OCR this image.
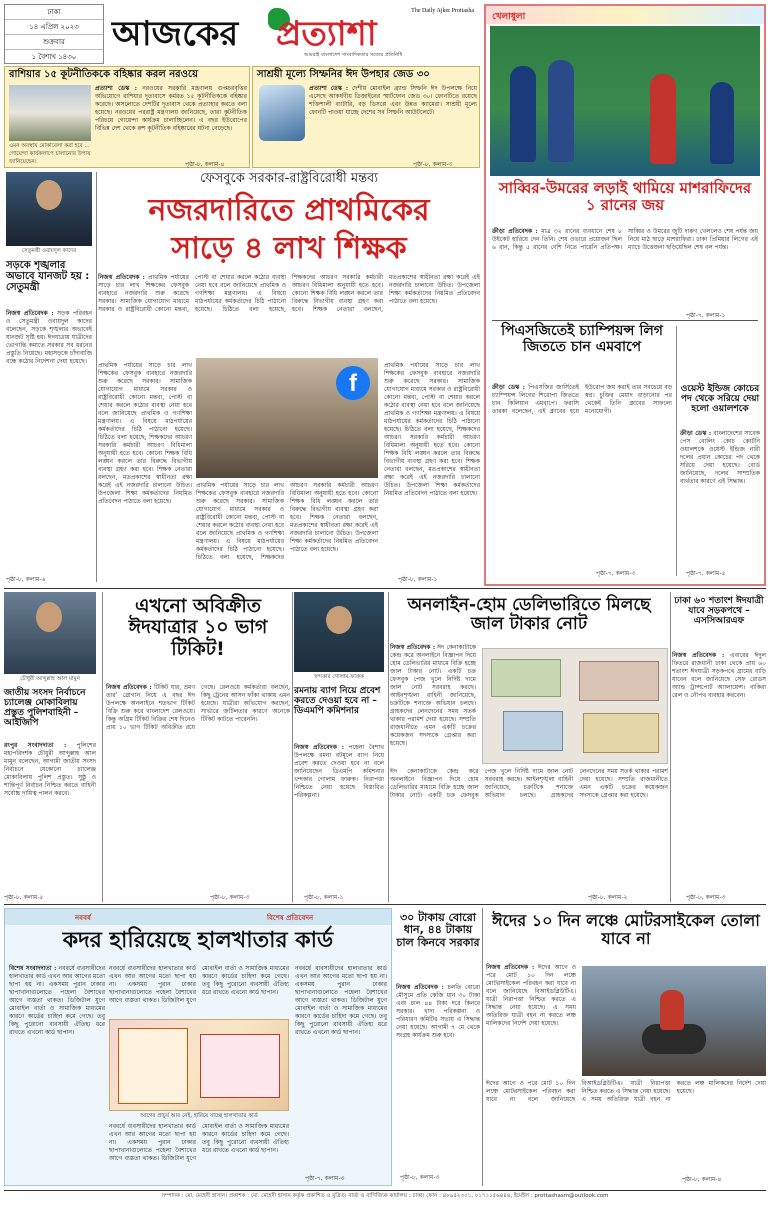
ঢাকা
১৪ এপ্রিল ২০২৩
শুক্রবার
১ বৈশাখ ১৪৩০
আজকের প্রত্যাশা
The Daily Ajker Prottasha
আমরাই বাংলাদেশ সাংবাদিকতার সত্যের প্রতিনিধি
রাশিয়ার ১৫ কূটনীতিককে বহিষ্কার করল নরওয়ে
প্রত্যাশা ডেস্ক : নরওয়ের সরকারি মন্ত্রণালয় গুপ্তচরবৃত্তির অভিযোগে রাশিয়ার দূতাবাসে কর্মরত ১৫ কূটনীতিককে বহিষ্কার করেছে। অসলোতে দেশটির দূতাবাস থেকে প্রত্যাহার করতে বলা হয়েছে। নরওয়ের পররাষ্ট্র মন্ত্রণালয় জানিয়েছে, তারা কূটনীতিক পরিচয়ে গোয়েন্দা কার্যক্রম চালাচ্ছিলেন। এ বছর ইউরোপের বিভিন্ন দেশ থেকে রুশ কূটনীতিক বহিষ্কারের ঘটনা বেড়েছে।
এমন অবস্থায় মোকাবেলা করা হবে ... গোয়েন্দা কার্যকলাপে চালানোর উপায় জানিয়েছেন।	পৃষ্ঠা-৮, কলাম-৪
সাশ্রয়ী মূল্যে সিম্ফনির ঈদ উপহার জেড ৩০
প্রত্যাশা ডেস্ক : দেশীয় মোবাইল ব্র্যান্ড সিম্ফনি ঈদ উপলক্ষে নিয়ে এসেছে আকর্ষণীয় ডিজাইনের স্মার্টফোন জেড ৩০। ফোনটিতে রয়েছে শক্তিশালী ব্যাটারি, বড় ডিসপ্লে এবং উন্নত ক্যামেরা। সাশ্রয়ী মূল্যে ফোনটি পাওয়া যাচ্ছে দেশের সব সিম্ফনি আউটলেটে।
পৃষ্ঠা-৮, কলাম-৩
খেলাধুলা
সাব্বির-উমরের লড়াই থামিয়ে মাশরাফিদের ১ রানের জয়
ক্রীড়া প্রতিবেদক : মাত্র ৩২ রানের ব্যবধানে শেষ ৮ উইকেট হারিয়ে দেন তিনি। শেষ ওভারে প্রয়োজন ছিল ৬ রান, কিন্তু ৫ রানের বেশি নিতে পারেনি প্রতিপক্ষ। সাব্বির ও উমরের জুটি দারুণ খেললেও শেষ পর্যন্ত জয় নিয়ে মাঠ ছাড়ে মাশরাফিরা। ঢাকা প্রিমিয়ার লিগের এই ম্যাচে উত্তেজনা ছড়িয়েছিল শেষ বল পর্যন্ত।
পৃষ্ঠা-৭, কলাম-১
পিএসজিতেই চ্যাম্পিয়ন্স লিগ জিততে চান এমবাপে
ক্রীড়া ডেস্ক : পিএসজির জার্সিতেই চ্যাম্পিয়ন্স লিগের শিরোপা জিততে চান কিলিয়ান এমবাপে। ফরাসি তারকা বলেছেন, এই ক্লাবের হয়ে ইউরোপ জয় করাই তার সবচেয়ে বড় স্বপ্ন। চুক্তির মেয়াদ বাড়ানোর পর থেকেই তিনি ক্লাবের সাফল্যে মনোযোগী।
পৃষ্ঠা-৭, কলাম-৩
ওয়েস্ট ইন্ডিজ কোচের পদ থেকে সরিয়ে দেয়া হলো ওয়ালশকে
ক্রীড়া ডেস্ক : বাংলাদেশের সাবেক পেস বোলিং কোচ কোর্টনি ওয়ালশকে ওয়েস্ট ইন্ডিজ নারী দলের প্রধান কোচের পদ থেকে সরিয়ে দেয়া হয়েছে। বোর্ড জানিয়েছে, দলের সাম্প্রতিক ব্যর্থতার কারণে এই সিদ্ধান্ত।
পৃষ্ঠা-৭, কলাম-৫
সেতুমন্ত্রী ওবায়দুল কাদের
সড়কে শৃঙ্খলার অভাবে যানজট হয় : সেতুমন্ত্রী
নিজস্ব প্রতিবেদক : সড়ক পরিবহন ও সেতুমন্ত্রী ওবায়দুল কাদের বলেছেন, সড়কে শৃঙ্খলার অভাবেই যানজট সৃষ্টি হয়। ঈদযাত্রায় যাত্রীদের ভোগান্তি কমাতে সরকার সব ধরনের প্রস্তুতি নিয়েছে। মহাসড়কে চাঁদাবাজি বন্ধে কঠোর নির্দেশনা দেয়া হয়েছে।
পৃষ্ঠা-৮, কলাম-৬
ফেসবুকে সরকার-রাষ্ট্রবিরোধী মন্তব্য
নজরদারিতে প্রাথমিকের
সাড়ে ৪ লাখ শিক্ষক
নিজস্ব প্রতিবেদক : প্রাথমিক পর্যায়ের সাড়ে চার লাখ শিক্ষকের ফেসবুক ব্যবহারে নজরদারি শুরু করেছে সরকার। সামাজিক যোগাযোগ মাধ্যমে সরকার ও রাষ্ট্রবিরোধী কোনো মন্তব্য, পোস্ট বা শেয়ার করলে কঠোর ব্যবস্থা নেয়া হবে বলে জানিয়েছে প্রাথমিক ও গণশিক্ষা মন্ত্রণালয়। এ বিষয়ে মাঠপর্যায়ের কর্মকর্তাদের চিঠি পাঠানো হয়েছে। চিঠিতে বলা হয়েছে, শিক্ষকদের আচরণ সরকারি কর্মচারী আচরণ বিধিমালা অনুযায়ী হতে হবে। কোনো শিক্ষক বিধি লঙ্ঘন করলে তার বিরুদ্ধে বিভাগীয় ব্যবস্থা গ্রহণ করা হবে। শিক্ষক নেতারা বলছেন, মতপ্রকাশের স্বাধীনতা রক্ষা করেই এই নজরদারি চালানো উচিত। উপজেলা শিক্ষা কর্মকর্তাদের নিয়মিত প্রতিবেদন পাঠাতে বলা হয়েছে।
f
প্রাথমিক পর্যায়ের সাড়ে চার লাখ শিক্ষকের ফেসবুক ব্যবহারে নজরদারি শুরু করেছে সরকার। সামাজিক যোগাযোগ মাধ্যমে সরকার ও রাষ্ট্রবিরোধী কোনো মন্তব্য, পোস্ট বা শেয়ার করলে কঠোর ব্যবস্থা নেয়া হবে বলে জানিয়েছে প্রাথমিক ও গণশিক্ষা মন্ত্রণালয়। এ বিষয়ে মাঠপর্যায়ের কর্মকর্তাদের চিঠি পাঠানো হয়েছে। চিঠিতে বলা হয়েছে, শিক্ষকদের আচরণ সরকারি কর্মচারী আচরণ বিধিমালা অনুযায়ী হতে হবে। কোনো শিক্ষক বিধি লঙ্ঘন করলে তার বিরুদ্ধে বিভাগীয় ব্যবস্থা গ্রহণ করা হবে। শিক্ষক নেতারা বলছেন, মতপ্রকাশের স্বাধীনতা রক্ষা করেই এই নজরদারি চালানো উচিত। উপজেলা শিক্ষা কর্মকর্তাদের নিয়মিত প্রতিবেদন পাঠাতে বলা হয়েছে।
প্রাথমিক পর্যায়ের সাড়ে চার লাখ শিক্ষকের ফেসবুক ব্যবহারে নজরদারি শুরু করেছে সরকার। সামাজিক যোগাযোগ মাধ্যমে সরকার ও রাষ্ট্রবিরোধী কোনো মন্তব্য, পোস্ট বা শেয়ার করলে কঠোর ব্যবস্থা নেয়া হবে বলে জানিয়েছে প্রাথমিক ও গণশিক্ষা মন্ত্রণালয়। এ বিষয়ে মাঠপর্যায়ের কর্মকর্তাদের চিঠি পাঠানো হয়েছে। চিঠিতে বলা হয়েছে, শিক্ষকদের আচরণ সরকারি কর্মচারী আচরণ বিধিমালা অনুযায়ী হতে হবে। কোনো শিক্ষক বিধি লঙ্ঘন করলে তার বিরুদ্ধে বিভাগীয় ব্যবস্থা গ্রহণ করা হবে। শিক্ষক নেতারা বলছেন, মতপ্রকাশের স্বাধীনতা রক্ষা করেই এই নজরদারি চালানো উচিত। উপজেলা শিক্ষা কর্মকর্তাদের নিয়মিত প্রতিবেদন পাঠাতে বলা হয়েছে।
প্রাথমিক পর্যায়ের সাড়ে চার লাখ শিক্ষকের ফেসবুক ব্যবহারে নজরদারি শুরু করেছে সরকার। সামাজিক যোগাযোগ মাধ্যমে সরকার ও রাষ্ট্রবিরোধী কোনো মন্তব্য, পোস্ট বা শেয়ার করলে কঠোর ব্যবস্থা নেয়া হবে বলে জানিয়েছে প্রাথমিক ও গণশিক্ষা মন্ত্রণালয়। এ বিষয়ে মাঠপর্যায়ের কর্মকর্তাদের চিঠি পাঠানো হয়েছে। চিঠিতে বলা হয়েছে, শিক্ষকদের আচরণ সরকারি কর্মচারী আচরণ বিধিমালা অনুযায়ী হতে হবে। কোনো শিক্ষক বিধি লঙ্ঘন করলে তার বিরুদ্ধে বিভাগীয় ব্যবস্থা গ্রহণ করা হবে। শিক্ষক নেতারা বলছেন, মতপ্রকাশের স্বাধীনতা রক্ষা করেই এই নজরদারি চালানো উচিত। উপজেলা শিক্ষা কর্মকর্তাদের নিয়মিত প্রতিবেদন পাঠাতে বলা হয়েছে।
পৃষ্ঠা-৮, কলাম-১
চৌধুরী আব্দুল্লাহ আল মামুন
জাতীয় সংসদ নির্বাচনে চ্যালেঞ্জ মোকাবিলায় প্রস্তুত পুলিশবাহিনী –আইজিপি
রংপুর সংবাদদাতা : পুলিশের মহাপরিদর্শক চৌধুরী আব্দুল্লাহ আল মামুন বলেছেন, আগামী জাতীয় সংসদ নির্বাচনে যেকোনো চ্যালেঞ্জ মোকাবিলায় পুলিশ প্রস্তুত। সুষ্ঠু ও শান্তিপূর্ণ নির্বাচন নিশ্চিত করতে বাহিনী সর্বোচ্চ দায়িত্ব পালন করবে।
পৃষ্ঠা-৮, কলাম-৫
এখনো অবিক্রীত ঈদযাত্রার ১০ ভাগ টিকিট!
নিজস্ব প্রতিবেদক : টিকিট যার, ভ্রমণ তার' স্লোগান নিয়ে এ বছর ঈদ উপলক্ষে অনলাইনে শতভাগ টিকিট বিক্রি শুরু করে বাংলাদেশ রেলওয়ে। কিন্তু অগ্রিম টিকিট বিক্রির শেষ দিনেও প্রায় ১০ ভাগ টিকিট অবিক্রীত রয়ে গেছে। রেলওয়ে কর্মকর্তারা বলছেন, কিছু ট্রেনের আসন ফাঁকা থাকায় এমন হয়েছে। যাত্রীরা অভিযোগ করছেন, সার্ভারে জটিলতার কারণে অনেকে টিকিট কাটতে পারেননি।
পৃষ্ঠা-৮, কলাম-৩
খন্দকার গোলাম ফারুক
রমনায় ব্যাগ নিয়ে প্রবেশ করতে দেওয়া হবে না –ডিএমপি কমিশনার
নিজস্ব প্রতিবেদক : পহেলা বৈশাখ উপলক্ষে রমনা বটমূলে ব্যাগ নিয়ে প্রবেশ করতে দেওয়া হবে না বলে জানিয়েছেন ডিএমপি কমিশনার খন্দকার গোলাম ফারুক। নিরাপত্তা নিশ্চিতে নেয়া হয়েছে বিস্তারিত পরিকল্পনা।
পৃষ্ঠা-৮, কলাম-১
অনলাইন-হোম ডেলিভারিতে মিলছে জাল টাকার নোট
নিজস্ব প্রতিবেদক : ঈদ কেনাকাটাকে কেন্দ্র করে অনলাইনে বিজ্ঞাপন দিয়ে হোম ডেলিভারির মাধ্যমে বিক্রি হচ্ছে জাল টাকার নোট। একটি চক্র ফেসবুক পেজ খুলে নির্দিষ্ট দামে জাল নোট সরবরাহ করছে। আইনশৃঙ্খলা বাহিনী জানিয়েছে, চক্রটিকে শনাক্তে অভিযান চলছে। গ্রাহকদের লেনদেনের সময় সতর্ক থাকার পরামর্শ দেয়া হয়েছে। সম্প্রতি রাজধানীতে এমন একটি চক্রের কয়েকজন সদস্যকে গ্রেপ্তার করা হয়েছে।
ঈদ কেনাকাটাকে কেন্দ্র করে অনলাইনে বিজ্ঞাপন দিয়ে হোম ডেলিভারির মাধ্যমে বিক্রি হচ্ছে জাল টাকার নোট। একটি চক্র ফেসবুক পেজ খুলে নির্দিষ্ট দামে জাল নোট সরবরাহ করছে। আইনশৃঙ্খলা বাহিনী জানিয়েছে, চক্রটিকে শনাক্তে অভিযান চলছে। গ্রাহকদের লেনদেনের সময় সতর্ক থাকার পরামর্শ দেয়া হয়েছে। সম্প্রতি রাজধানীতে এমন একটি চক্রের কয়েকজন সদস্যকে গ্রেপ্তার করা হয়েছে।
পৃষ্ঠা-৮, কলাম-২
ঢাকা ৬০ শতাংশ ঈদযাত্রী যাবে সড়কপথে –এসসিআরএফ
নিজস্ব প্রতিবেদক : এবারের ঈদুল ফিতরে রাজধানী ঢাকা থেকে প্রায় ৬০ শতাংশ ঈদযাত্রী সড়কপথে গ্রামের বাড়ি যাবেন বলে জানিয়েছে সেফ রোডস অ্যান্ড ট্রান্সপোর্ট অ্যালায়েন্স। বাকিরা রেল ও নৌপথ ব্যবহার করবেন।
পৃষ্ঠা-৮, কলাম-৩
নববর্ষ	বিশেষ প্রতিবেদন
কদর হারিয়েছে হালখাতার কার্ড
বিশেষ সংবাদদাতা : নববর্ষে ব্যবসায়ীদের হালখাতার কার্ড এখন আর আগের মতো ছাপা হয় না। একসময় পুরান ঢাকার ছাপাখানাগুলোতে পহেলা বৈশাখের আগে ব্যস্ততা থাকত। ডিজিটাল যুগে মোবাইল বার্তা ও সামাজিক মাধ্যমের কারণে কার্ডের চাহিদা কমে গেছে। তবু কিছু পুরোনো ব্যবসায়ী ঐতিহ্য ধরে রাখতে এখনো কার্ড ছাপান।
নববর্ষে ব্যবসায়ীদের হালখাতার কার্ড এখন আর আগের মতো ছাপা হয় না। একসময় পুরান ঢাকার ছাপাখানাগুলোতে পহেলা বৈশাখের আগে ব্যস্ততা থাকত। ডিজিটাল যুগে মোবাইল বার্তা ও সামাজিক মাধ্যমের কারণে কার্ডের চাহিদা কমে গেছে। তবু কিছু পুরোনো ব্যবসায়ী ঐতিহ্য ধরে রাখতে এখনো কার্ড ছাপান।
আগের প্রাচুর্য আর নেই, হারিয়ে যাচ্ছে হালখাতার কার্ড
নববর্ষে ব্যবসায়ীদের হালখাতার কার্ড এখন আর আগের মতো ছাপা হয় না। একসময় পুরান ঢাকার ছাপাখানাগুলোতে পহেলা বৈশাখের আগে ব্যস্ততা থাকত। ডিজিটাল যুগে মোবাইল বার্তা ও সামাজিক মাধ্যমের কারণে কার্ডের চাহিদা কমে গেছে। তবু কিছু পুরোনো ব্যবসায়ী ঐতিহ্য ধরে রাখতে এখনো কার্ড ছাপান।
নববর্ষে ব্যবসায়ীদের হালখাতার কার্ড এখন আর আগের মতো ছাপা হয় না। একসময় পুরান ঢাকার ছাপাখানাগুলোতে পহেলা বৈশাখের আগে ব্যস্ততা থাকত। ডিজিটাল যুগে মোবাইল বার্তা ও সামাজিক মাধ্যমের কারণে কার্ডের চাহিদা কমে গেছে। তবু কিছু পুরোনো ব্যবসায়ী ঐতিহ্য ধরে রাখতে এখনো কার্ড ছাপান।
পৃষ্ঠা-৭, কলাম-৩
৩০ টাকায় বোরো ধান, ৪৪ টাকায় চাল কিনবে সরকার
নিজস্ব প্রতিবেদক : চলতি বোরো মৌসুমে প্রতি কেজি ধান ৩০ টাকা এবং চাল ৪৪ টাকা দরে কিনবে সরকার। খাদ্য পরিকল্পনা ও পরিধারণ কমিটির সভায় এ সিদ্ধান্ত নেয়া হয়েছে। আগামী ৭ মে থেকে সংগ্রহ কার্যক্রম শুরু হবে।
পৃষ্ঠা-৮, কলাম-৩
ঈদের ১০ দিন লঞ্চে মোটরসাইকেল তোলা যাবে না
নিজস্ব প্রতিবেদক : ঈদের আগে ও পরে মোট ১০ দিন লঞ্চে মোটরসাইকেল পরিবহন করা যাবে না বলে জানিয়েছে বিআইডব্লিউটিএ। যাত্রী নিরাপত্তা নিশ্চিত করতে এ সিদ্ধান্ত নেয়া হয়েছে। এ সময় অতিরিক্ত যাত্রী বহন না করতে লঞ্চ মালিকদের নির্দেশ দেয়া হয়েছে।
ঈদের আগে ও পরে মোট ১০ দিন লঞ্চে মোটরসাইকেল পরিবহন করা যাবে না বলে জানিয়েছে বিআইডব্লিউটিএ। যাত্রী নিরাপত্তা নিশ্চিত করতে এ সিদ্ধান্ত নেয়া হয়েছে। এ সময় অতিরিক্ত যাত্রী বহন না করতে লঞ্চ মালিকদের নির্দেশ দেয়া হয়েছে।
পৃষ্ঠা-৮, কলাম-৪
সম্পাদক : মো. মেহেদী হাসান। প্রকাশক : মো. মেহেদী হাসান কর্তৃক প্রকাশিত ও মুদ্রিত। বার্তা ও বাণিজ্যিক কার্যালয় : ঢাকা। ফোন : ৪৮৯৫২৩০১, ০১৭১১৫৬৪৪৪, ইমেইল : prottashasm@outlook.com
